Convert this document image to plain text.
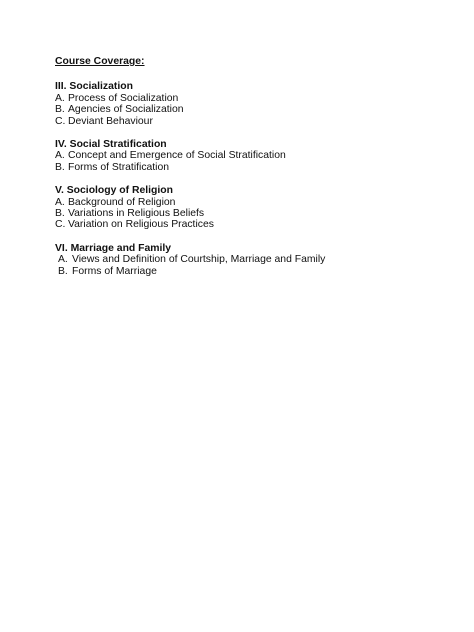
Course Coverage:
III. Socialization
A. Process of Socialization
B. Agencies of Socialization
C. Deviant Behaviour
IV. Social Stratification
A. Concept and Emergence of Social Stratification
B. Forms of Stratification
V. Sociology of Religion
A. Background of Religion
B. Variations in Religious Beliefs
C. Variation on Religious Practices
VI. Marriage and Family
A. Views and Definition of Courtship, Marriage and Family
B. Forms of Marriage
